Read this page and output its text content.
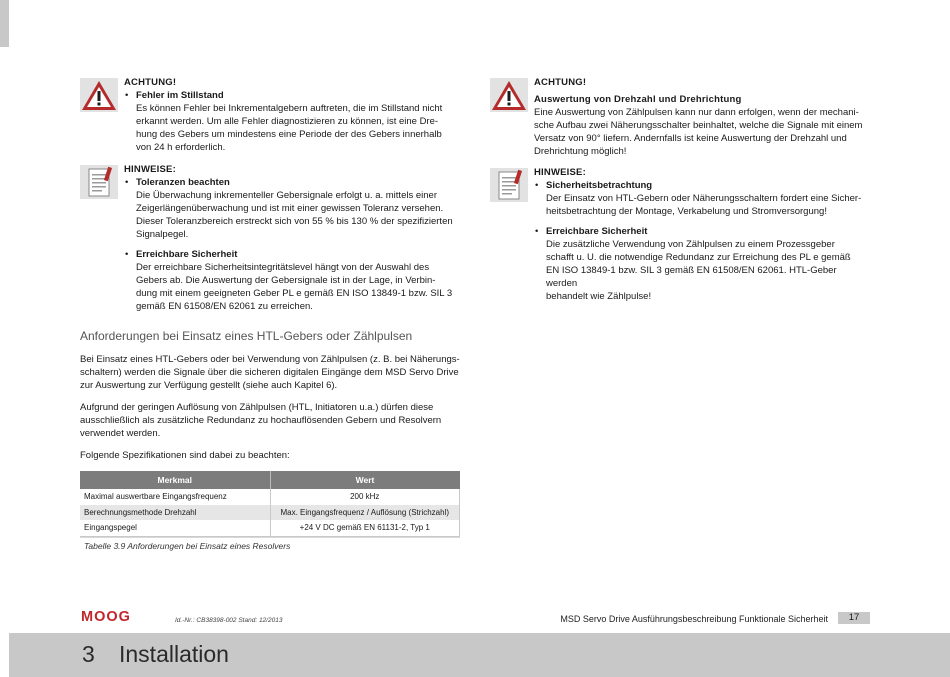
ACHTUNG!
• Fehler im Stillstand
Es können Fehler bei Inkrementalgebern auftreten, die im Stillstand nicht
erkannt werden. Um alle Fehler diagnostizieren zu können, ist eine Dre-
hung des Gebers um mindestens eine Periode der des Gebers innerhalb
von 24 h erforderlich.
HINWEISE:
• Toleranzen beachten
Die Überwachung inkrementeller Gebersignale erfolgt u. a. mittels einer
Zeigerlängenüberwachung und ist mit einer gewissen Toleranz versehen.
Dieser Toleranzbereich erstreckt sich von 55 % bis 130 % der spezifizierten
Signalpegel.
• Erreichbare Sicherheit
Der erreichbare Sicherheitsintegritätslevel hängt von der Auswahl des
Gebers ab. Die Auswertung der Gebersignale ist in der Lage, in Verbin-
dung mit einem geeigneten Geber PL e gemäß EN ISO 13849-1 bzw. SIL 3
gemäß EN 61508/EN 62061 zu erreichen.
Anforderungen bei Einsatz eines HTL-Gebers oder Zählpulsen
Bei Einsatz eines HTL-Gebers oder bei Verwendung von Zählpulsen (z. B. bei Näherungs-
schaltern) werden die Signale über die sicheren digitalen Eingänge dem MSD Servo Drive
zur Auswertung zur Verfügung gestellt (siehe auch Kapitel 6).
Aufgrund der geringen Auflösung von Zählpulsen (HTL, Initiatoren u.a.) dürfen diese
ausschließlich als zusätzliche Redundanz zu hochauflösenden Gebern und Resolvern
verwendet werden.
Folgende Spezifikationen sind dabei zu beachten:
Merkmal	Wert
Maximal auswertbare Eingangsfrequenz	200 kHz
Berechnungsmethode Drehzahl	Max. Eingangsfrequenz / Auflösung (Strichzahl)
Eingangspegel	+24 V DC gemäß EN 61131-2, Typ 1
Tabelle 3.9 Anforderungen bei Einsatz eines Resolvers
ACHTUNG!
Auswertung von Drehzahl und Drehrichtung
Eine Auswertung von Zählpulsen kann nur dann erfolgen, wenn der mechani-
sche Aufbau zwei Näherungsschalter beinhaltet, welche die Signale mit einem
Versatz von 90° liefern. Andernfalls ist keine Auswertung der Drehzahl und
Drehrichtung möglich!
HINWEISE:
• Sicherheitsbetrachtung
Der Einsatz von HTL-Gebern oder Näherungsschaltern fordert eine Sicher-
heitsbetrachtung der Montage, Verkabelung und Stromversorgung!
• Erreichbare Sicherheit
Die zusätzliche Verwendung von Zählpulsen zu einem Prozessgeber
schafft u. U. die notwendige Redundanz zur Erreichung des PL e gemäß
EN ISO 13849-1 bzw. SIL 3 gemäß EN 61508/EN 62061. HTL-Geber werden
behandelt wie Zählpulse!
MOOG	Id.-Nr.: CB38398-002 Stand: 12/2013	MSD Servo Drive Ausführungsbeschreibung Funktionale Sicherheit	17
3 Installation
